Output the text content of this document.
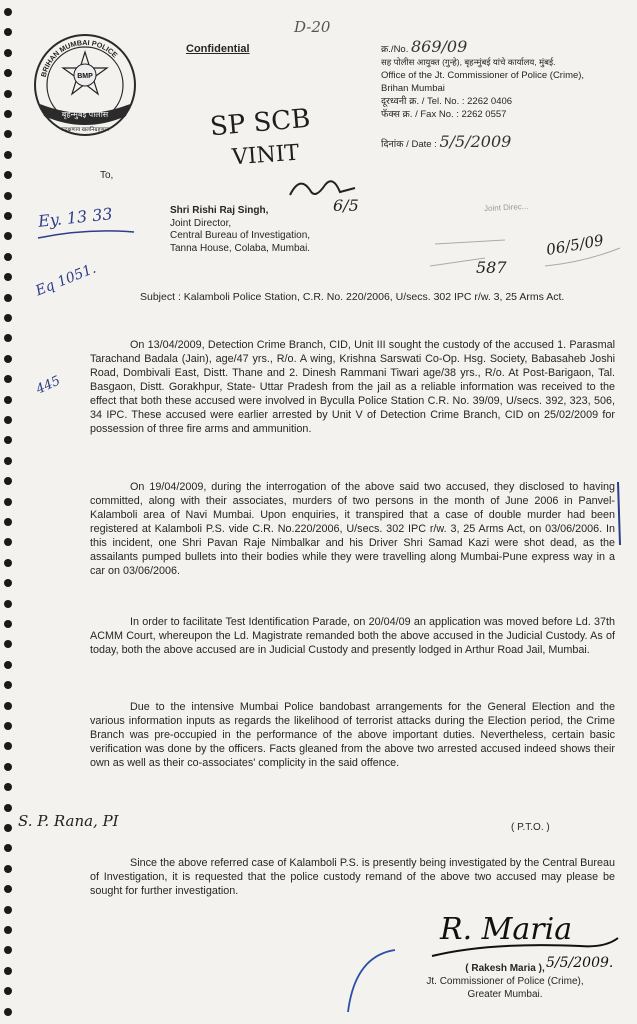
BRIHAN MUMBAI POLICE
BMP
बृहन्मुंबई पोलीस
सद्रक्षणाय खलनिग्रहणाय
Confidential
D-20
क्र./No. 869/09
सह पोलीस आयुक्त (गुन्हे), बृहन्मुंबई यांचे कार्यालय, मुंबई.
Office of the Jt. Commissioner of Police (Crime),
Brihan Mumbai
दूरध्वनी क्र. / Tel. No. : 2262 0406
फॅक्स क्र. / Fax No. : 2262 0557
दिनांक / Date : 5/5/2009
SP SCB
VINIT
6/5
Ey. 13 33
Eq 1051.
445
Joint Direc...
06/5/09
587
To,
Shri Rishi Raj Singh,
Joint Director,
Central Bureau of Investigation,
Tanna House, Colaba, Mumbai.
Subject : Kalamboli Police Station, C.R. No. 220/2006, U/secs. 302 IPC r/w. 3, 25 Arms Act.

On 13/04/2009, Detection Crime Branch, CID, Unit III sought the custody of the accused 1. Parasmal Tarachand Badala (Jain), age/47 yrs., R/o. A wing, Krishna Sarswati Co-Op. Hsg. Society, Babasaheb Joshi Road, Dombivali East, Distt. Thane and 2. Dinesh Rammani Tiwari age/38 yrs., R/o. At Post-Barigaon, Tal. Basgaon, Distt. Gorakhpur, State- Uttar Pradesh from the jail as a reliable information was received to the effect that both these accused were involved in Byculla Police Station C.R. No. 39/09, U/secs. 392, 323, 506, 34 IPC. These accused were earlier arrested by Unit V of Detection Crime Branch, CID on 25/02/2009 for possession of three fire arms and ammunition.

On 19/04/2009, during the interrogation of the above said two accused, they disclosed to having committed, along with their associates, murders of two persons in the month of June 2006 in Panvel-Kalamboli area of Navi Mumbai. Upon enquiries, it transpired that a case of double murder had been registered at Kalamboli P.S. vide C.R. No.220/2006, U/secs. 302 IPC r/w. 3, 25 Arms Act, on 03/06/2006. In this incident, one Shri Pavan Raje Nimbalkar and his Driver Shri Samad Kazi were shot dead, as the assailants pumped bullets into their bodies while they were travelling along Mumbai-Pune express way in a car on 03/06/2006.

In order to facilitate Test Identification Parade, on 20/04/09 an application was moved before Ld. 37th ACMM Court, whereupon the Ld. Magistrate remanded both the above accused in the Judicial Custody. As of today, both the above accused are in Judicial Custody and presently lodged in Arthur Road Jail, Mumbai.

Due to the intensive Mumbai Police bandobast arrangements for the General Election and the various information inputs as regards the likelihood of terrorist attacks during the Election period, the Crime Branch was pre-occupied in the performance of the above important duties. Nevertheless, certain basic verification was done by the officers. Facts gleaned from the above two arrested accused indeed shows their own as well as their co-associates' complicity in the said offence.

S. P. Rana, PI	( P.T.O. )

Since the above referred case of Kalamboli P.S. is presently being investigated by the Central Bureau of Investigation, it is requested that the police custody remand of the above two accused may please be sought for further investigation.

R. Maria
5/5/2009.
( Rakesh Maria ),
Jt. Commissioner of Police (Crime),
Greater Mumbai.
